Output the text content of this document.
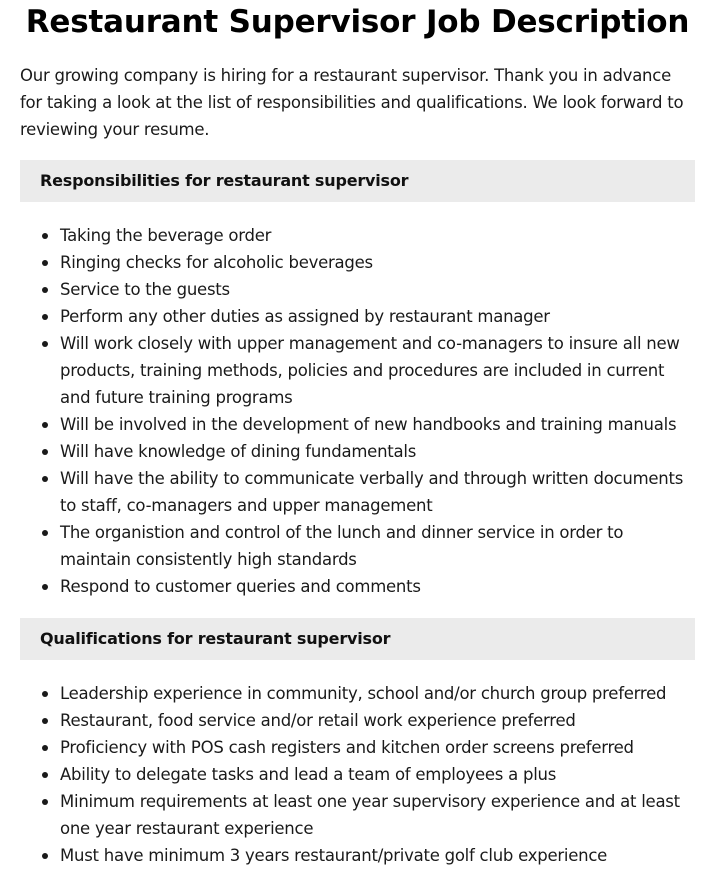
Restaurant Supervisor Job Description

Our growing company is hiring for a restaurant supervisor. Thank you in advance for taking a look at the list of responsibilities and qualifications. We look forward to reviewing your resume.

Responsibilities for restaurant supervisor
Taking the beverage order
Ringing checks for alcoholic beverages
Service to the guests
Perform any other duties as assigned by restaurant manager
Will work closely with upper management and co-managers to insure all new products, training methods, policies and procedures are included in current and future training programs
Will be involved in the development of new handbooks and training manuals
Will have knowledge of dining fundamentals
Will have the ability to communicate verbally and through written documents to staff, co-managers and upper management
The organistion and control of the lunch and dinner service in order to maintain consistently high standards
Respond to customer queries and comments
Qualifications for restaurant supervisor
Leadership experience in community, school and/or church group preferred
Restaurant, food service and/or retail work experience preferred
Proficiency with POS cash registers and kitchen order screens preferred
Ability to delegate tasks and lead a team of employees a plus
Minimum requirements at least one year supervisory experience and at least one year restaurant experience
Must have minimum 3 years restaurant/private golf club experience
